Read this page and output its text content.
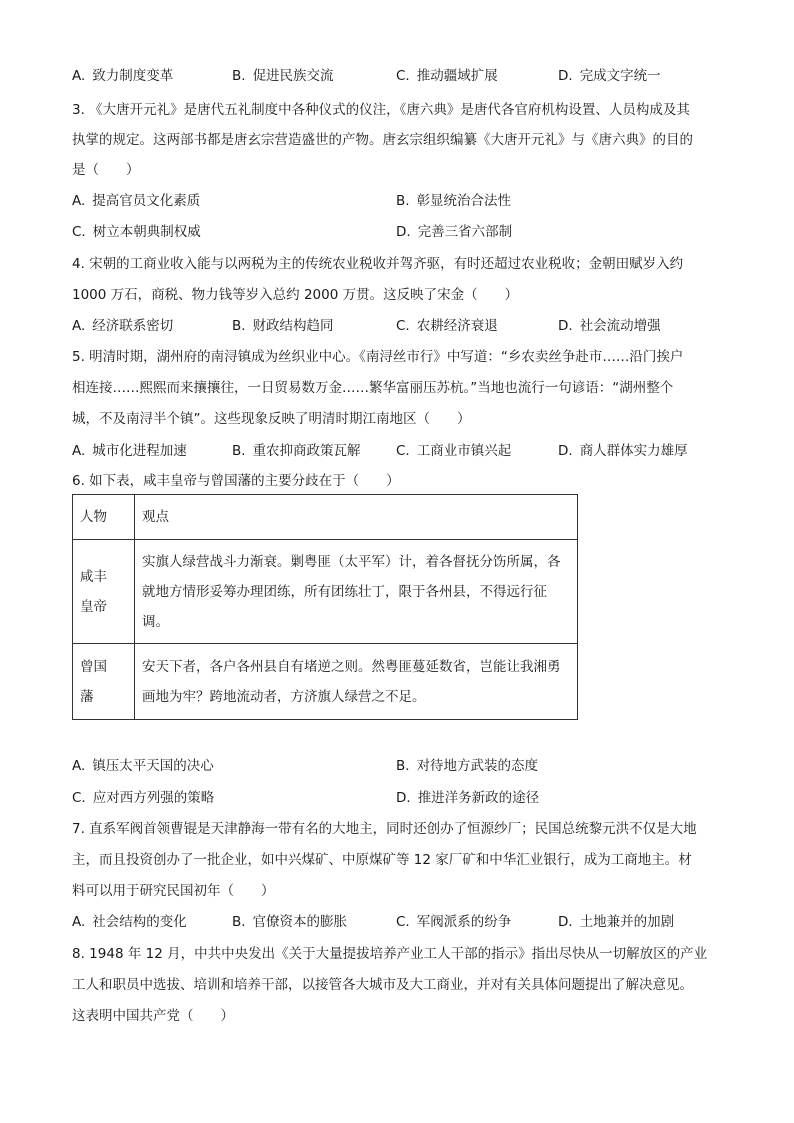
A. 致力制度变革	B. 促进民族交流	C. 推动疆域扩展	D. 完成文字统一
3. 《大唐开元礼》是唐代五礼制度中各种仪式的仪注，《唐六典》是唐代各官府机构设置、人员构成及其
执掌的规定。这两部书都是唐玄宗营造盛世的产物。唐玄宗组织编纂《大唐开元礼》与《唐六典》的目的
是（　　）
A. 提高官员文化素质	B. 彰显统治合法性
C. 树立本朝典制权威	D. 完善三省六部制
4. 宋朝的工商业收入能与以两税为主的传统农业税收并驾齐驱，有时还超过农业税收；金朝田赋岁入约
1000 万石，商税、物力钱等岁入总约 2000 万贯。这反映了宋金（　　）
A. 经济联系密切	B. 财政结构趋同	C. 农耕经济衰退	D. 社会流动增强
5. 明清时期，湖州府的南浔镇成为丝织业中心。《南浔丝市行》中写道：“乡农卖丝争赴市……沿门挨户
相连接……熙熙而来攘攘往，一日贸易数万金……繁华富丽压苏杭。”当地也流行一句谚语：“湖州整个
城，不及南浔半个镇”。这些现象反映了明清时期江南地区（　　）
A. 城市化进程加速	B. 重农抑商政策瓦解	C. 工商业市镇兴起	D. 商人群体实力雄厚
6. 如下表，咸丰皇帝与曾国藩的主要分歧在于（　　）
人物	观点

咸丰
皇帝	实旗人绿营战斗力渐衰。剿粤匪（太平军）计，着各督抚分饬所属，各就地方情形妥筹办理团练，所有团练壮丁，限于各州县，不得远行征调。

曾国
藩	安天下者，各户各州县自有堵逆之则。然粤匪蔓延数省，岂能让我湘勇画地为牢？跨地流动者，方济旗人绿营之不足。
A. 镇压太平天国的决心	B. 对待地方武装的态度
C. 应对西方列强的策略	D. 推进洋务新政的途径
7. 直系军阀首领曹锟是天津静海一带有名的大地主，同时还创办了恒源纱厂；民国总统黎元洪不仅是大地
主，而且投资创办了一批企业，如中兴煤矿、中原煤矿等 12 家厂矿和中华汇业银行，成为工商地主。材
料可以用于研究民国初年（　　）
A. 社会结构的变化	B. 官僚资本的膨胀	C. 军阀派系的纷争	D. 土地兼并的加剧
8. 1948 年 12 月，中共中央发出《关于大量提拔培养产业工人干部的指示》指出尽快从一切解放区的产业
工人和职员中选拔、培训和培养干部，以接管各大城市及大工商业，并对有关具体问题提出了解决意见。
这表明中国共产党（　　）
